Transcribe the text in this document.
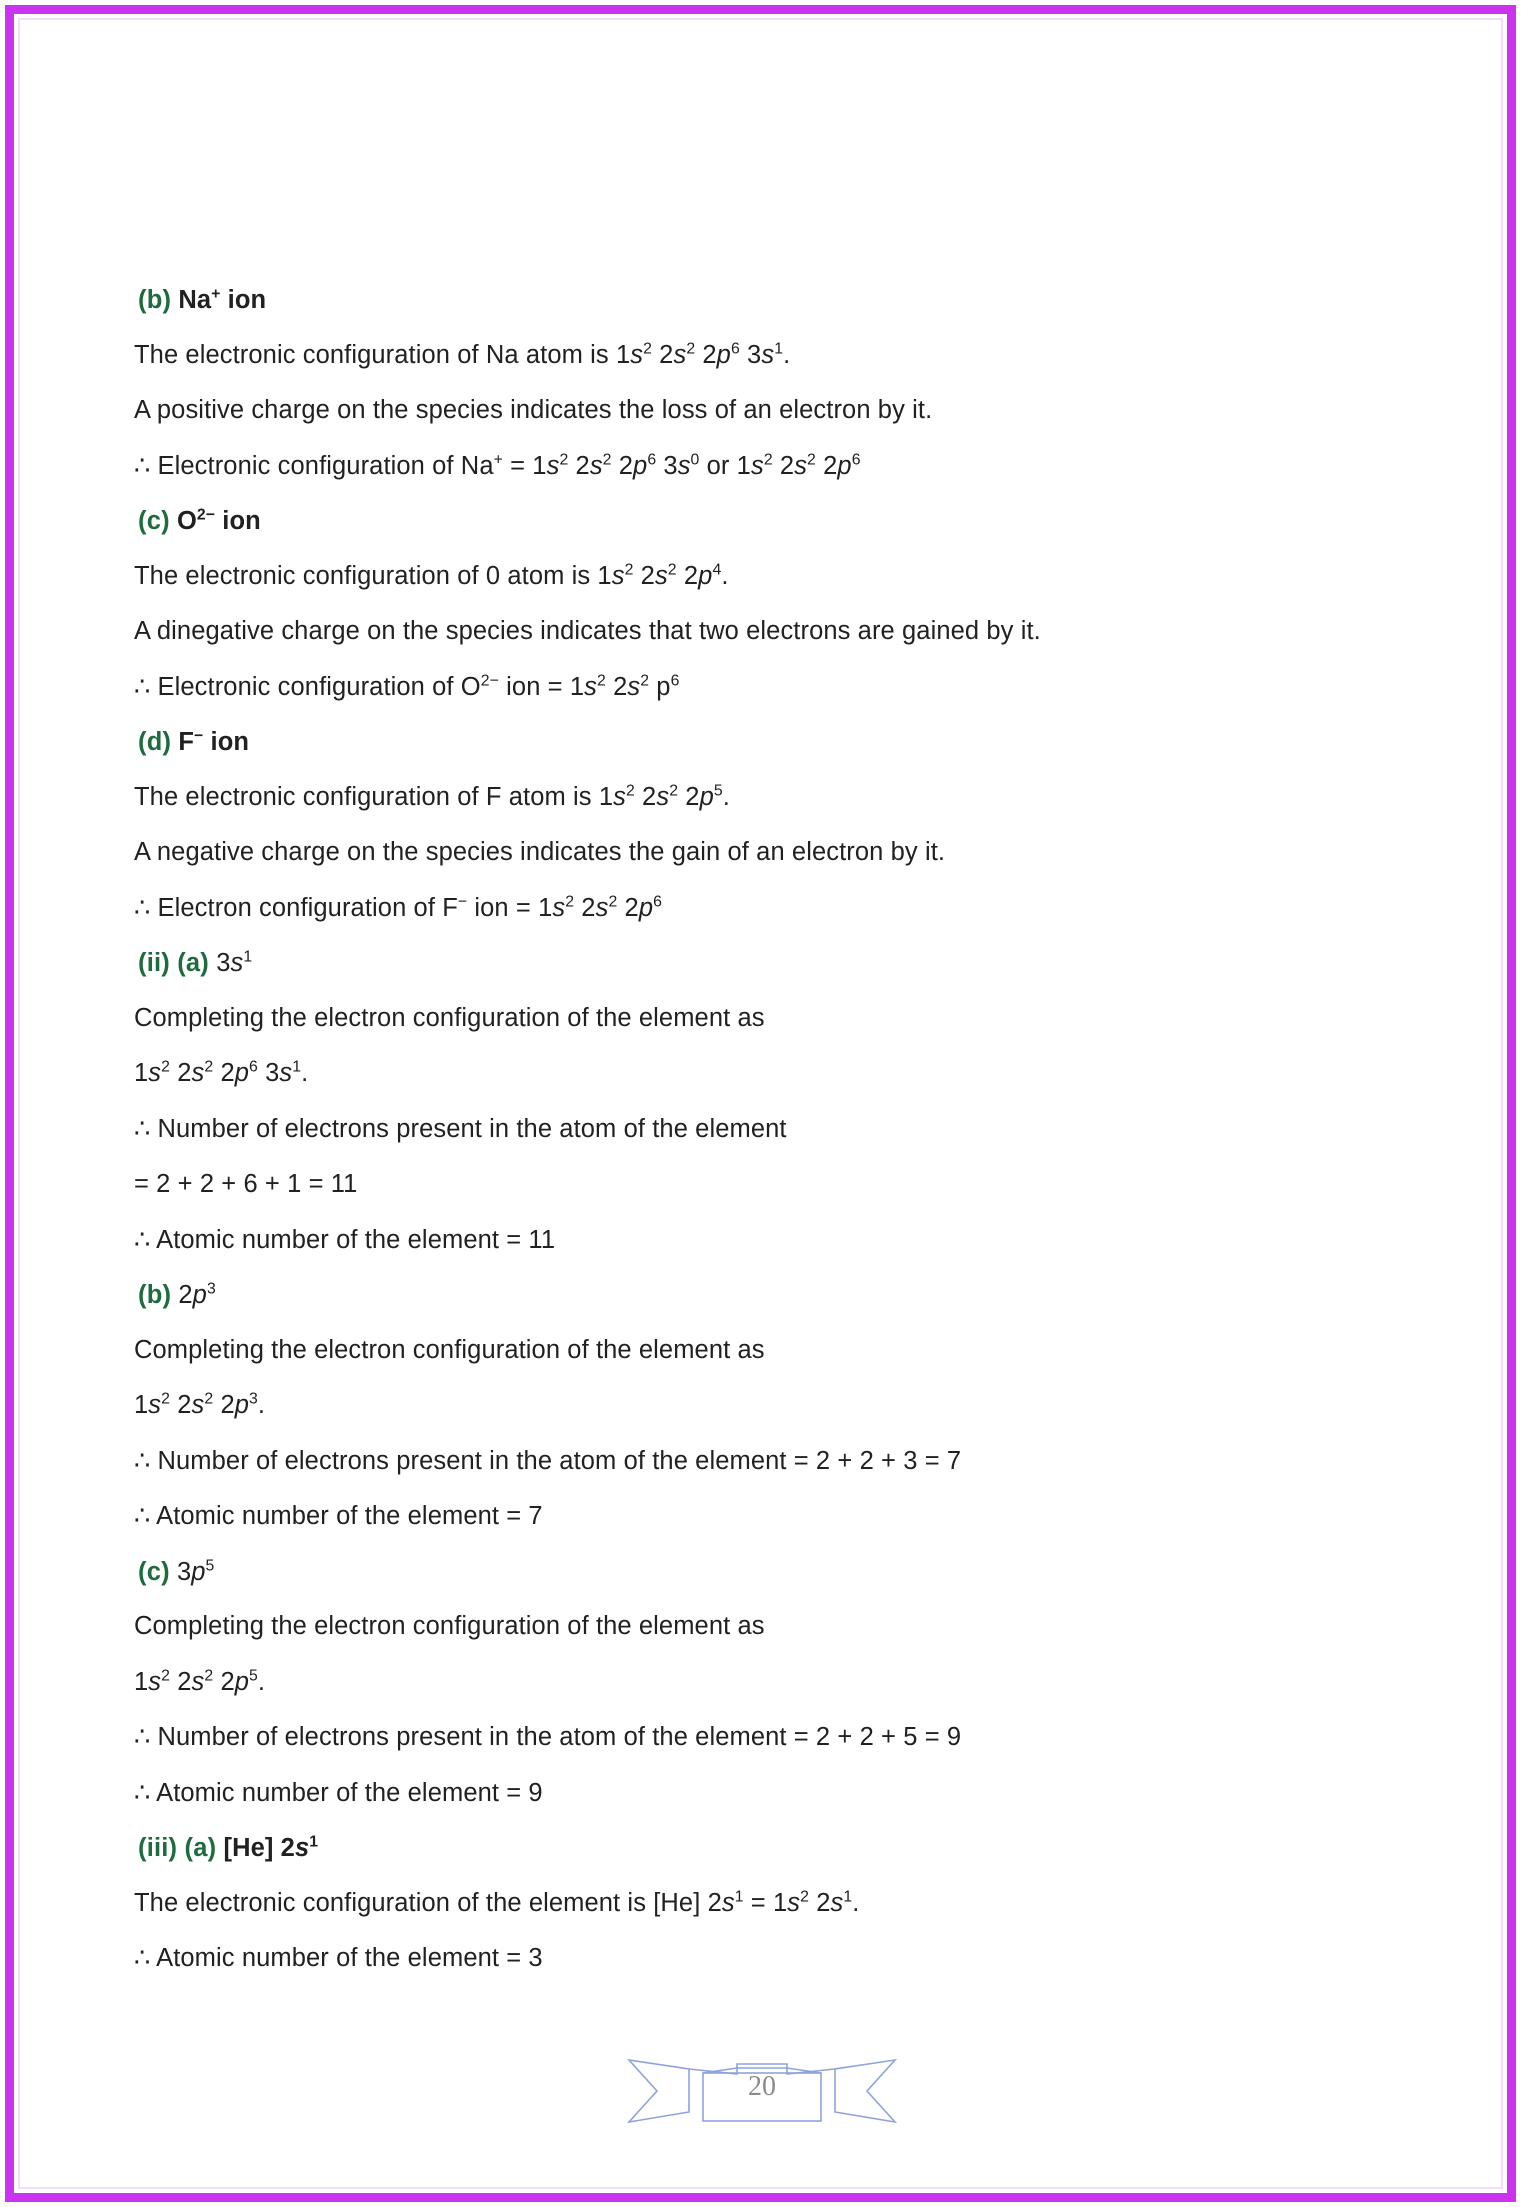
(b) Na+ ion
The electronic configuration of Na atom is $1s^2$ $2s^2$ $2p^6$ $3s^1$.
A positive charge on the species indicates the loss of an electron by it.
∴ Electronic configuration of $Na^+ = 1s^2$ $2s^2$ $2p^6$ $3s^0$ or $1s^2$ $2s^2$ $2p^6$
(c) $O^{2-}$ ion
The electronic configuration of 0 atom is $1s^2$ $2s^2$ $2p^4$.
A dinegative charge on the species indicates that two electrons are gained by it.
∴ Electronic configuration of $O^{2-}$ ion = $1s^2$ $2s^2$ $p^6$
(d) F− ion
The electronic configuration of F atom is $1s^2$ $2s^2$ $2p^5$.
A negative charge on the species indicates the gain of an electron by it.
∴ Electron configuration of F− ion = $1s^2$ $2s^2$ $2p^6$
(ii) (a) $3s^1$
Completing the electron configuration of the element as
$1s^2$ $2s^2$ $2p^6$ $3s^1$.
∴ Number of electrons present in the atom of the element
= 2 + 2 + 6 + 1 = 11
∴ Atomic number of the element = 11
(b) $2p^3$
Completing the electron configuration of the element as
$1s^2$ $2s^2$ $2p^3$.
∴ Number of electrons present in the atom of the element = 2 + 2 + 3 = 7
∴ Atomic number of the element = 7
(c) $3p^5$
Completing the electron configuration of the element as
$1s^2$ $2s^2$ $2p^5$.
∴ Number of electrons present in the atom of the element = 2 + 2 + 5 = 9
∴ Atomic number of the element = 9
(iii) (a) [He] $2s^1$
The electronic configuration of the element is [He] $2s^1 = 1s^2$ $2s^1$.
∴ Atomic number of the element = 3
20
